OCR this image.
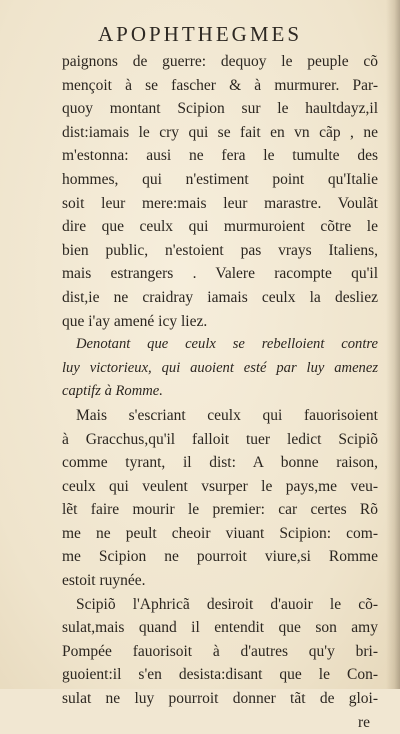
APOPHTHEGMES
paignons de guerre: dequoy le peuple cõ
mençoit à se fascher & à murmurer. Par-
quoy montant Scipion sur le haultdayz,il
dist:iamais le cry qui se fait en vn cãp , ne
m'estonna: ausi ne fera le tumulte des
hommes, qui n'estiment point qu'Italie
soit leur mere:mais leur marastre. Voulãt
dire que ceulx qui murmuroient cõtre le
bien public, n'estoient pas vrays Italiens,
mais estrangers . Valere racompte qu'il
dist,ie ne craidray iamais ceulx la desliez
que i'ay amené icy liez.
Denotant que ceulx se rebelloient contre
luy victorieux, qui auoient esté par luy amenez
captifz à Romme.
Mais s'escriant ceulx qui fauorisoient
à Gracchus,qu'il falloit tuer ledict Scipiõ
comme tyrant, il dist: A bonne raison,
ceulx qui veulent vsurper le pays,me veu-
lẽt faire mourir le premier: car certes Rõ
me ne peult cheoir viuant Scipion: com-
me Scipion ne pourroit viure,si Romme
estoit ruynée.
Scipiõ l'Aphricã desiroit d'auoir le cõ-
sulat,mais quand il entendit que son amy
Pompée fauorisoit à d'autres qu'y bri-
guoient:il s'en desista:disant que le Con-
sulat ne luy pourroit donner tãt de gloi-
re
